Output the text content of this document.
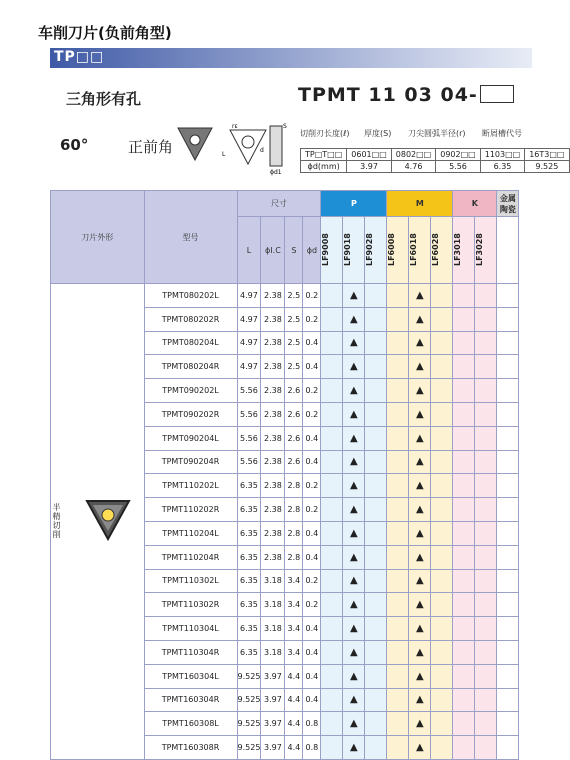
车削刀片(负前角型)
TP□□
三角形有孔	TPMT 11 03 04-
60°	正前角
rε
L
d
S
ϕd1
切削刃长度(ℓ) 厚度(S) 刀尖圆弧半径(r) 断屑槽代号
TP□T□□	0601□□	0802□□	0902□□	1103□□	16T3□□
ϕd(mm)	3.97	4.76	5.56	6.35	9.525
刀片外形		型号	尺寸				P			M			K		金属陶瓷
			L	ϕI.C	S	ϕd	LF9008	LF9018	LF9028	LF6008	LF6018	LF6028	LF3018	LF3028	

半精切削		TPMT080202L	4.97	2.38	2.5	0.2		▲			▲				
		TPMT080202R	4.97	2.38	2.5	0.2		▲			▲				
		TPMT080204L	4.97	2.38	2.5	0.4		▲			▲				
		TPMT080204R	4.97	2.38	2.5	0.4		▲			▲				
		TPMT090202L	5.56	2.38	2.6	0.2		▲			▲				
		TPMT090202R	5.56	2.38	2.6	0.2		▲			▲				
		TPMT090204L	5.56	2.38	2.6	0.4		▲			▲				
		TPMT090204R	5.56	2.38	2.6	0.4		▲			▲				
		TPMT110202L	6.35	2.38	2.8	0.2		▲			▲				
		TPMT110202R	6.35	2.38	2.8	0.2		▲			▲				
		TPMT110204L	6.35	2.38	2.8	0.4		▲			▲				
		TPMT110204R	6.35	2.38	2.8	0.4		▲			▲				
		TPMT110302L	6.35	3.18	3.4	0.2		▲			▲				
		TPMT110302R	6.35	3.18	3.4	0.2		▲			▲				
		TPMT110304L	6.35	3.18	3.4	0.4		▲			▲				
		TPMT110304R	6.35	3.18	3.4	0.4		▲			▲				
		TPMT160304L	9.525	3.97	4.4	0.4		▲			▲				
		TPMT160304R	9.525	3.97	4.4	0.4		▲			▲				
		TPMT160308L	9.525	3.97	4.4	0.8		▲			▲				
		TPMT160308R	9.525	3.97	4.4	0.8		▲			▲				
